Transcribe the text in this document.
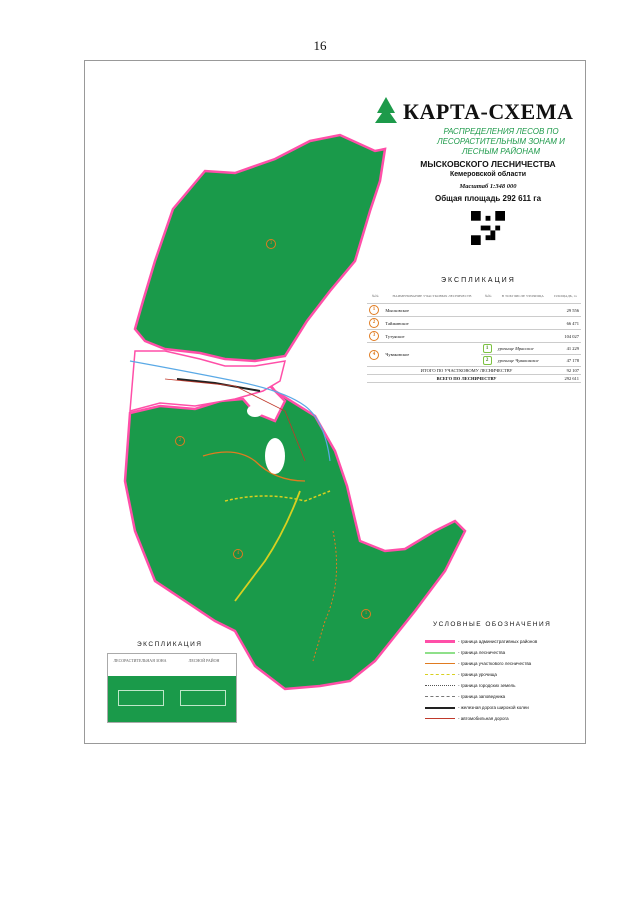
16
3
2
4
1
КАРТА-СХЕМА
РАСПРЕДЕЛЕНИЯ ЛЕСОВ ПО ЛЕСОРАСТИТЕЛЬНЫМ ЗОНАМ И ЛЕСНЫМ РАЙОНАМ
МЫСКОВСКОГО ЛЕСНИЧЕСТВА
Кемеровской области
Масштаб 1:348 000
Общая площадь 292 611 га
ЭКСПЛИКАЦИЯ
№№	НАИМЕНОВАНИЕ УЧАСТКОВЫХ ЛЕСНИЧЕСТВ	№№	В ТОМ ЧИСЛЕ УРОЧИЩА	ПЛОЩАДЬ, га
1	Мысковское			29 556
2	Тайжинское			66 471
3	Тутуяское			104 027
4	Чуваковское	1	урочище Мрасское	41 229
		2	урочище Чуваковское	47 178
	ИТОГО ПО УЧАСТКОВОМУ ЛЕСНИЧЕСТВУ			92 107
	ВСЕГО ПО ЛЕСНИЧЕСТВУ			292 611
УСЛОВНЫЕ ОБОЗНАЧЕНИЯ
- граница административных районов
- граница лесничества
- граница участкового лесничества
- граница урочища
- граница городских земель
- граница заповедника
- железная дорога широкой колеи
- автомобильная дорога
ЭКСПЛИКАЦИЯ
ЛЕСОРАСТИТЕЛЬНАЯ ЗОНА	ЛЕСНОЙ РАЙОН
